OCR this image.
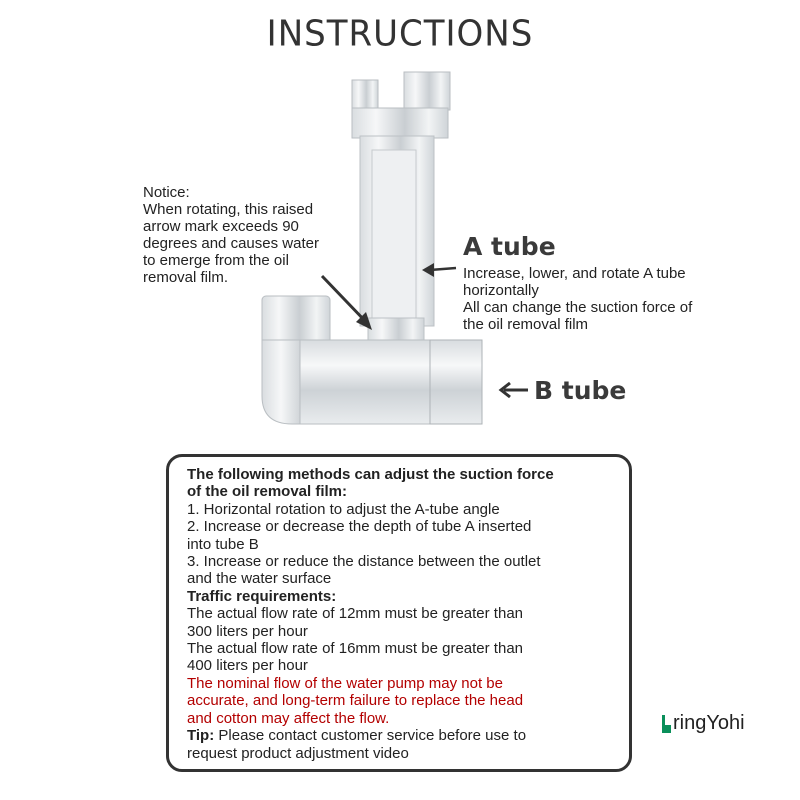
INSTRUCTIONS
Notice:
When rotating, this raised
arrow mark exceeds 90
degrees and causes water
to emerge from the oil
removal film.
A tube
Increase, lower, and rotate A tube
horizontally
All can change the suction force of
the oil removal film
B tube
The following methods can adjust the suction force
of the oil removal film:
1. Horizontal rotation to adjust the A-tube angle
2. Increase or decrease the depth of tube A inserted
into tube B
3. Increase or reduce the distance between the outlet
and the water surface
Traffic requirements:
The actual flow rate of 12mm must be greater than
300 liters per hour
The actual flow rate of 16mm must be greater than
400 liters per hour
The nominal flow of the water pump may not be
accurate, and long-term failure to replace the head
and cotton may affect the flow.
Tip: Please contact customer service before use to
request product adjustment video
ringYohi
